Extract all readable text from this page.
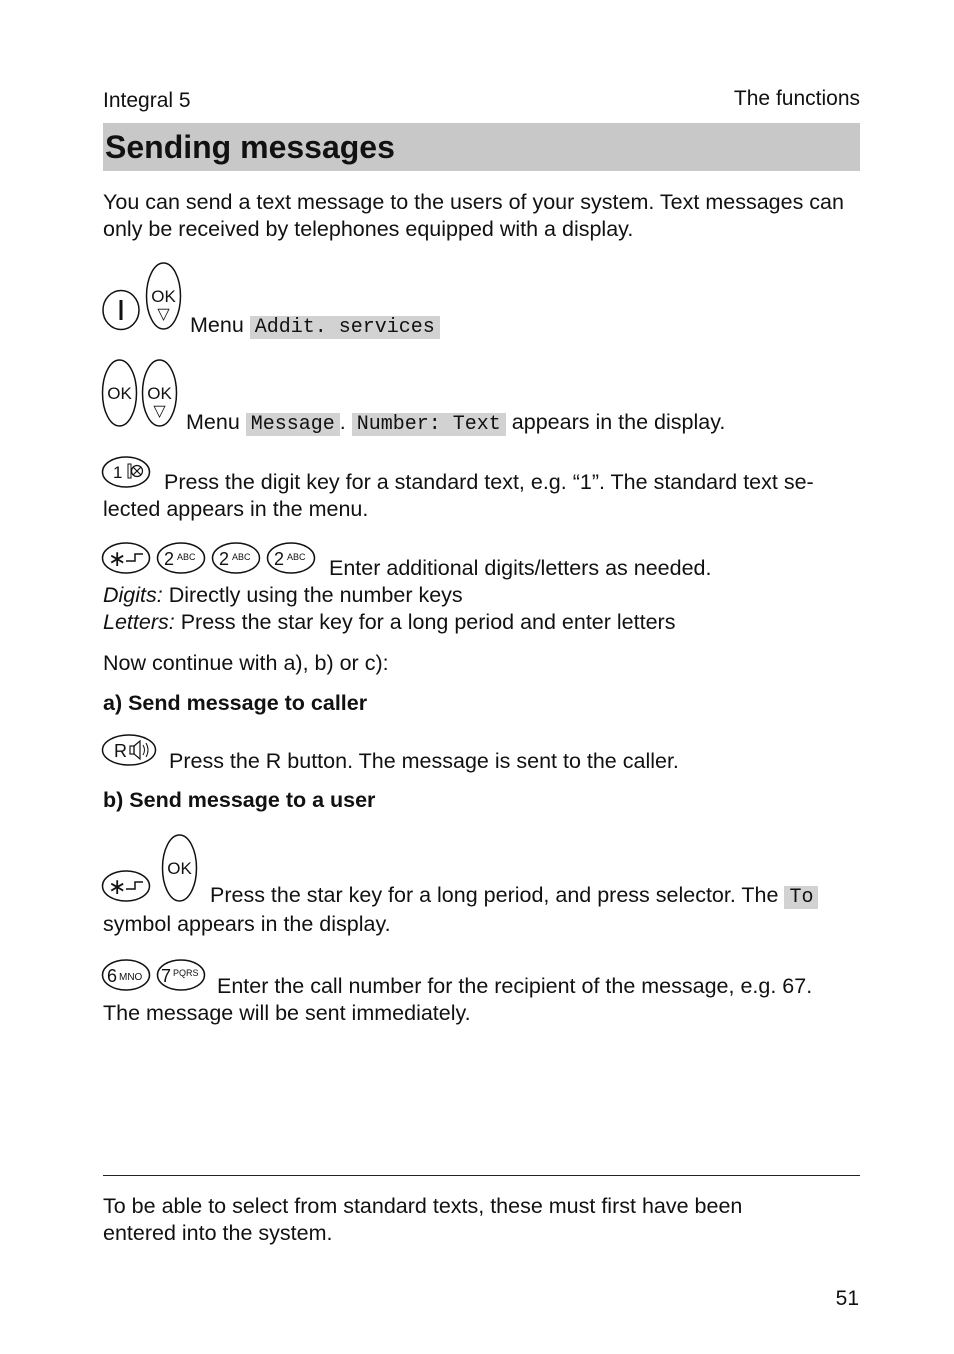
Integral 5	The functions
Sending messages
You can send a text message to the users of your system. Text messages can only be received by telephones equipped with a display.
OK
▽ Menu Addit. services
OK OK
▽ Menu Message . Number: Text appears in the display.
1	Press the digit key for a standard text, e.g. “1”. The standard text se-
lected appears in the menu.
∗ 2 ABC 2 ABC 2 ABC Enter additional digits/letters as needed.
Digits: Directly using the number keys
Letters: Press the star key for a long period and enter letters
Now continue with a), b) or c):
a) Send message to caller
R Press the R button. The message is sent to the caller.
b) Send message to a user
∗
OK
Press the star key for a long period, and press selector. The To
symbol appears in the display.
6 MNO 7 PQRS
Enter the call number for the recipient of the message, e.g. 67.
The message will be sent immediately.
To be able to select from standard texts, these must first have been entered into the system.
51
